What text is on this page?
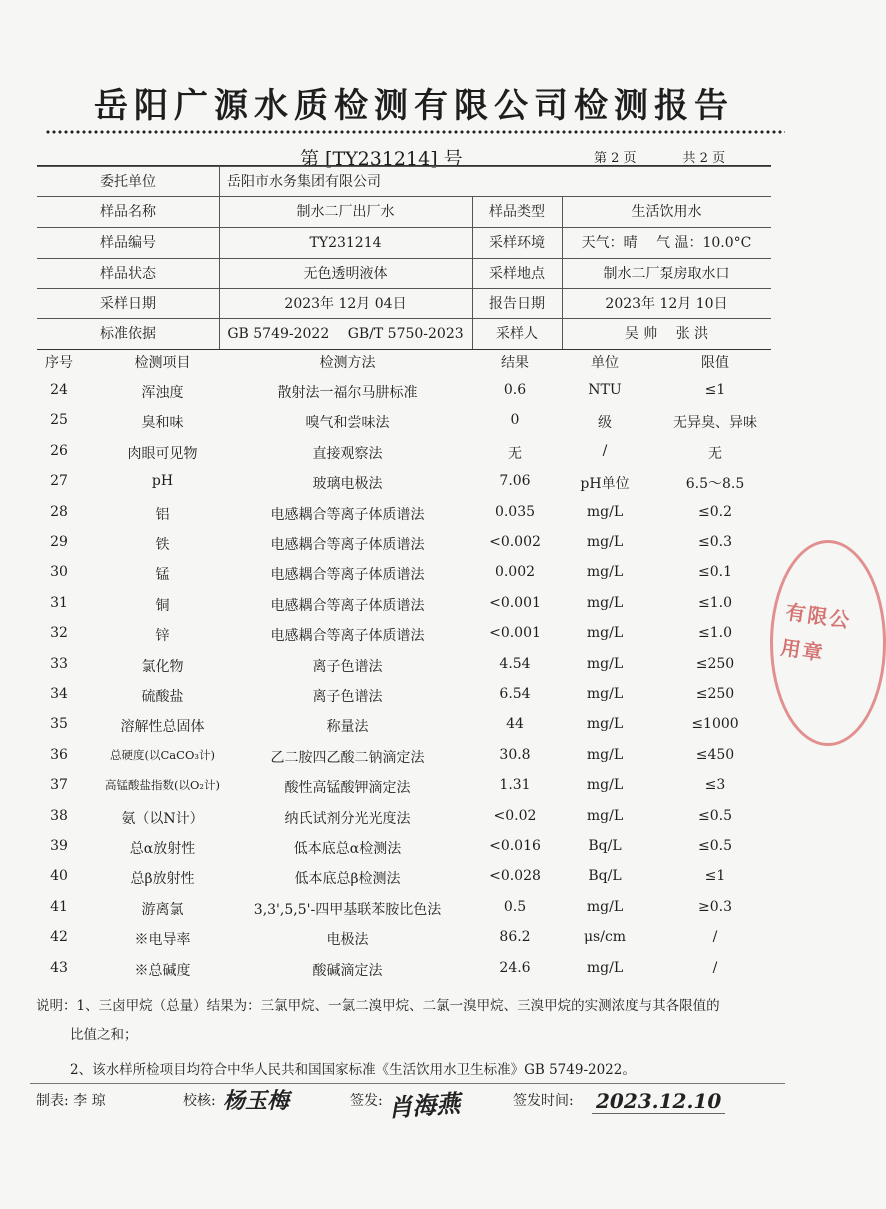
岳阳广源水质检测有限公司检测报告
第 [TY231214] 号	第 2 页	共 2 页
委托单位	岳阳市水务集团有限公司
样品名称	制水二厂出厂水	样品类型	生活饮用水
样品编号	TY231214	采样环境	天气：晴　 气 温：10.0°C
样品状态	无色透明液体	采样地点	制水二厂泵房取水口
采样日期	2023年 12月 04日	报告日期	2023年 12月 10日
标准依据	GB 5749-2022　 GB/T 5750-2023	采样人	吴 帅　 张 洪
序号	检测项目	检测方法	结果	单位	限值
24	浑浊度	散射法一福尔马肼标准	0.6	NTU	≤1
25	臭和味	嗅气和尝味法	0	级	无异臭、异味
26	肉眼可见物	直接观察法	无	/	无
27	pH	玻璃电极法	7.06	pH单位	6.5～8.5
28	铝	电感耦合等离子体质谱法	0.035	mg/L	≤0.2
29	铁	电感耦合等离子体质谱法	<0.002	mg/L	≤0.3
30	锰	电感耦合等离子体质谱法	0.002	mg/L	≤0.1
31	铜	电感耦合等离子体质谱法	<0.001	mg/L	≤1.0
32	锌	电感耦合等离子体质谱法	<0.001	mg/L	≤1.0
33	氯化物	离子色谱法	4.54	mg/L	≤250
34	硫酸盐	离子色谱法	6.54	mg/L	≤250
35	溶解性总固体	称量法	44	mg/L	≤1000
36	总硬度(以CaCO₃计)	乙二胺四乙酸二钠滴定法	30.8	mg/L	≤450
37	高锰酸盐指数(以O₂计)	酸性高锰酸钾滴定法	1.31	mg/L	≤3
38	氨（以N计）	纳氏试剂分光光度法	<0.02	mg/L	≤0.5
39	总α放射性	低本底总α检测法	<0.016	Bq/L	≤0.5
40	总β放射性	低本底总β检测法	<0.028	Bq/L	≤1
41	游离氯	3,3',5,5'-四甲基联苯胺比色法	0.5	mg/L	≥0.3
42	※电导率	电极法	86.2	μs/cm	/
43	※总碱度	酸碱滴定法	24.6	mg/L	/
说明：1、三卤甲烷（总量）结果为：三氯甲烷、一氯二溴甲烷、二氯一溴甲烷、三溴甲烷的实测浓度与其各限值的
比值之和；
2、该水样所检项目均符合中华人民共和国国家标准《生活饮用水卫生标准》GB 5749-2022。
制表: 李 琼	校核: 杨玉梅	签发: 肖海燕	签发时间: 2023.12.10
有限公
用章
